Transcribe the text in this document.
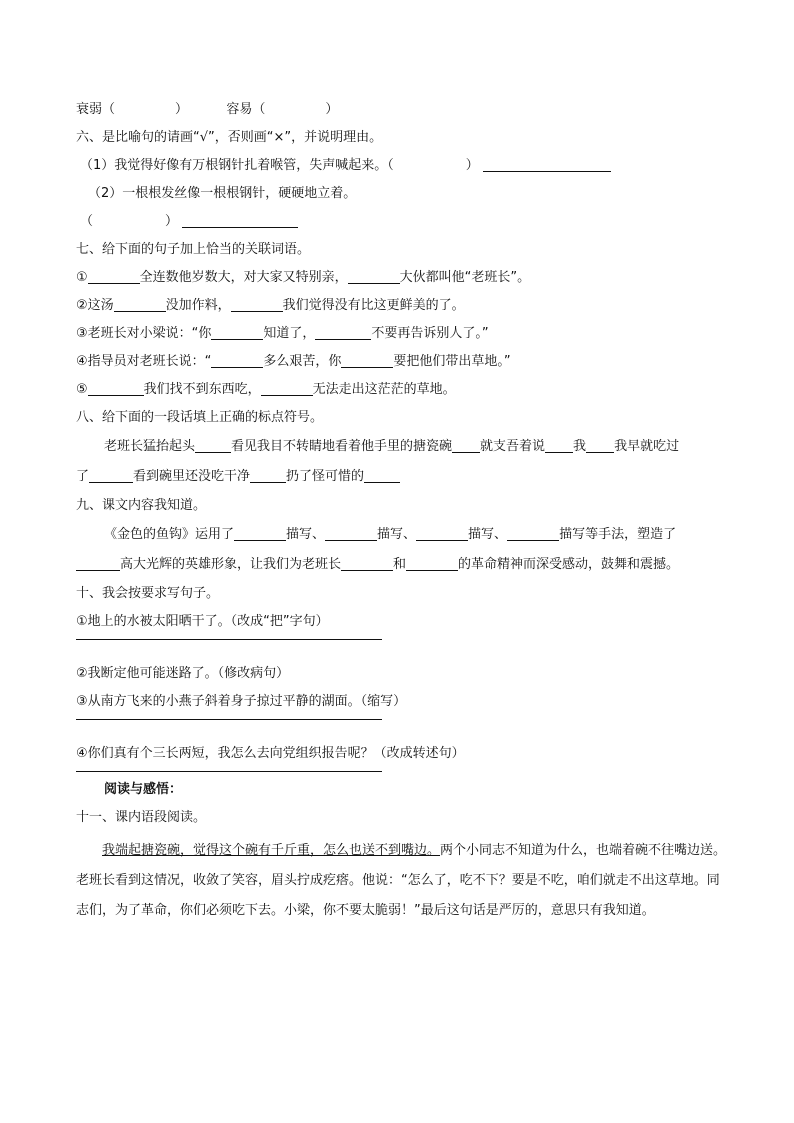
衰弱（	）	容易（	）
六、是比喻句的请画“√”，否则画“×”，并说明理由。
（1）我觉得好像有万根钢针扎着喉管，失声喊起来。（	）
（2）一根根发丝像一根根钢针，硬硬地立着。
（	）
七、给下面的句子加上恰当的关联词语。
①	全连数他岁数大，对大家又特别亲，	大伙都叫他“老班长”。
②这汤	没加作料，	我们觉得没有比这更鲜美的了。
③老班长对小梁说：“你	知道了，	不要再告诉别人了。”
④指导员对老班长说：“	多么艰苦，你	要把他们带出草地。”
⑤	我们找不到东西吃，	无法走出这茫茫的草地。
八、给下面的一段话填上正确的标点符号。
老班长猛抬起头	看见我目不转睛地看着他手里的搪瓷碗 就支吾着说 我 我早就吃过
了	看到碗里还没吃干净	扔了怪可惜的
九、课文内容我知道。
《金色的鱼钩》运用了	描写、	描写、	描写、	描写等手法，塑造了
高大光辉的英雄形象，让我们为老班长	和	的革命精神而深受感动，鼓舞和震撼。
十、我会按要求写句子。
①地上的水被太阳晒干了。（改成“把”字句）
②我断定他可能迷路了。（修改病句）
③从南方飞来的小燕子斜着身子掠过平静的湖面。（缩写）
④你们真有个三长两短，我怎么去向党组织报告呢？（改成转述句）
阅读与感悟：
十一、课内语段阅读。
我端起搪瓷碗，觉得这个碗有千斤重，怎么也送不到嘴边。两个小同志不知道为什么，也端着碗不往嘴边送。老班长看到这情况，收敛了笑容，眉头拧成疙瘩。他说：“怎么了，吃不下？要是不吃，咱们就走不出这草地。同志们，为了革命，你们必须吃下去。小梁，你不要太脆弱！”最后这句话是严厉的，意思只有我知道。
